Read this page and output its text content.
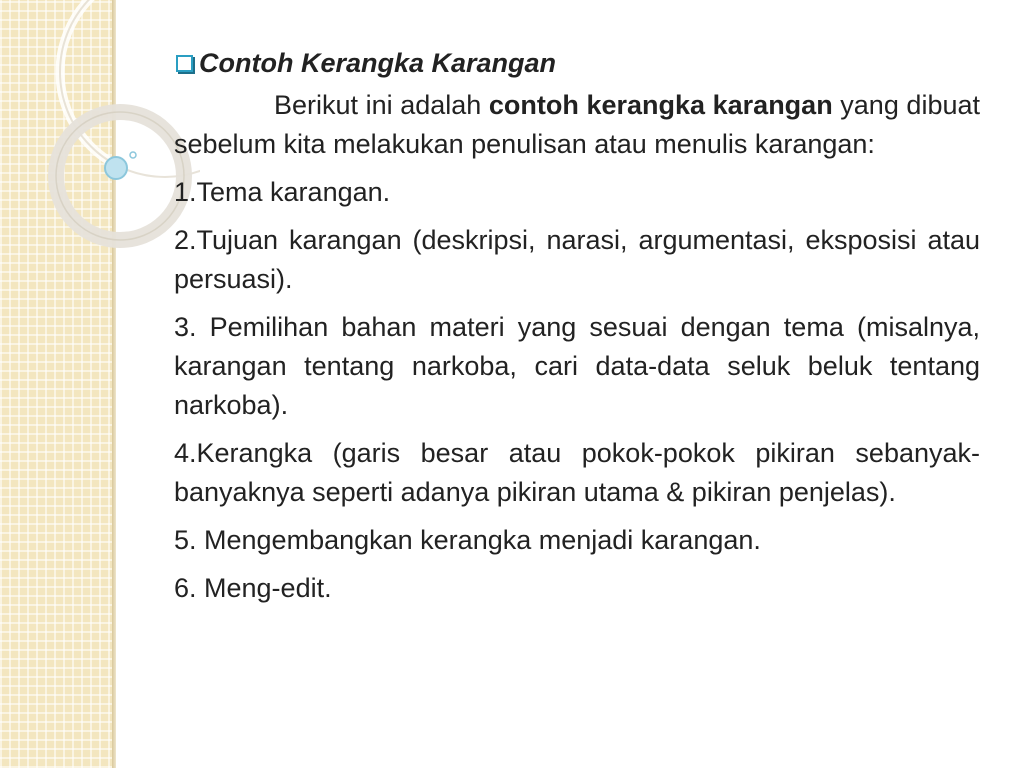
Contoh Kerangka Karangan
Berikut ini adalah contoh kerangka karangan yang dibuat sebelum kita melakukan penulisan atau menulis karangan:
1.Tema karangan.
2.Tujuan karangan (deskripsi, narasi, argumentasi, eksposisi atau persuasi).
3. Pemilihan bahan materi yang sesuai dengan tema (misalnya, karangan tentang narkoba, cari data-data seluk beluk tentang narkoba).
4.Kerangka (garis besar atau pokok-pokok pikiran sebanyak-banyaknya seperti adanya pikiran utama & pikiran penjelas).
5. Mengembangkan kerangka menjadi karangan.
6. Meng-edit.
